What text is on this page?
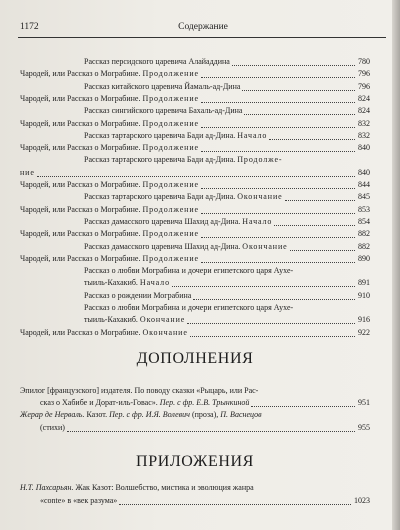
1172	Содержание
Рассказ персидского царевича Алайаддина	780
Чародей, или Рассказ о Мограбине. Продолжение	796
Рассказ китайского царевича Йамаль-ад-Дина	796
Чародей, или Рассказ о Мограбине. Продолжение	824
Рассказ сингийского царевича Бахаль-ад-Дина	824
Чародей, или Рассказ о Мограбине. Продолжение	832
Рассказ тартарского царевича Бади ад-Дина. Начало	832
Чародей, или Рассказ о Мограбине. Продолжение	840
Рассказ тартарского царевича Бади ад-Дина. Продолже-
ние	840
Чародей, или Рассказ о Мограбине. Продолжение	844
Рассказ тартарского царевича Бади ад-Дина. Окончание	845
Чародей, или Рассказ о Мограбине. Продолжение	853
Рассказ дамасского царевича Шахид ад-Дина. Начало	854
Чародей, или Рассказ о Мограбине. Продолжение	882
Рассказ дамасского царевича Шахид ад-Дина. Окончание	882
Чародей, или Рассказ о Мограбине. Продолжение	890
Рассказ о любви Мограбина и дочери египетского царя Аухе-
тыиль-Кахакиб. Начало	891
Рассказ о рождении Мограбина	910
Рассказ о любви Мограбина и дочери египетского царя Аухе-
тыиль-Кахакиб. Окончание	916
Чародей, или Рассказ о Мограбине. Окончание	922
Эпилог [французского] издателя. По поводу сказки «Рыцарь, или Рас-
сказ о Хабибе и Дорат-иль-Говас». Пер. с фр. Е.В. Трынкиной	951
Жерар де Нерваль. Казот. Пер. с фр. И.Я. Волевич (проза), П. Васнецов
(стихи)	955
Н.Т. Пахсарьян. Жак Казот: Волшебство, мистика и эволюция жанра
«conte» в «век разума»	1023
ДОПОЛНЕНИЯ
ПРИЛОЖЕНИЯ
